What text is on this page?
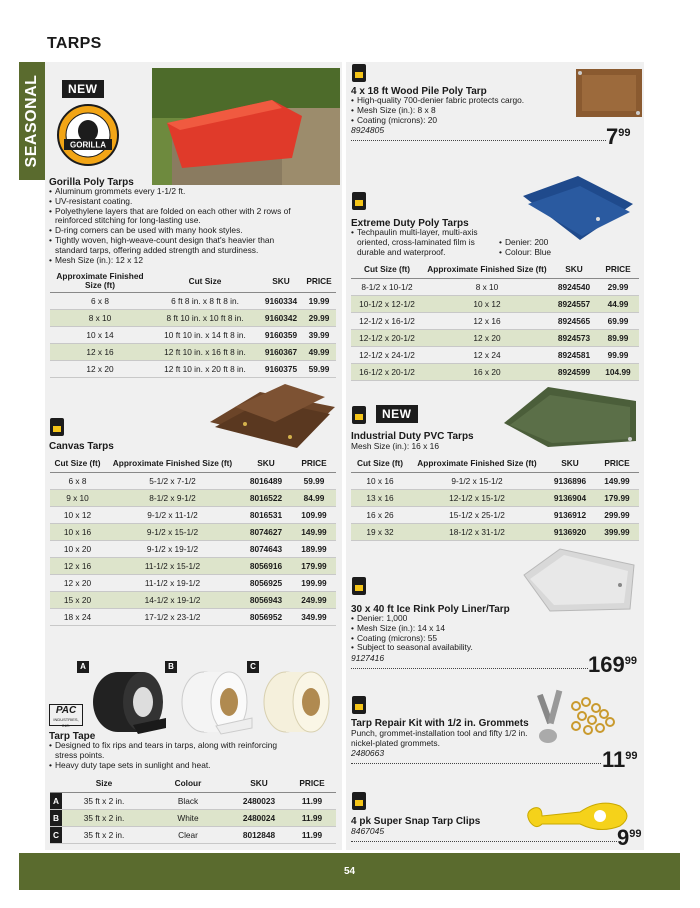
TARPS
SEASONAL	NEW
GORILLA
Gorilla Poly Tarps
• Aluminum grommets every 1-1/2 ft.
• UV-resistant coating.
• Polyethylene layers that are folded on each other with 2 rows of reinforced stitching for long-lasting use.
• D-ring corners can be used with many hook styles.
• Tightly woven, high-weave-count design that's heavier than standard tarps, offering added strength and sturdiness.
• Mesh Size (in.): 12 x 12
Approximate Finished Size (ft)	Cut Size	SKU	PRICE
6 x 8	6 ft 8 in. x 8 ft 8 in.	9160334	19.99
8 x 10	8 ft 10 in. x 10 ft 8 in.	9160342	29.99
10 x 14	10 ft 10 in. x 14 ft 8 in.	9160359	39.99
12 x 16	12 ft 10 in. x 16 ft 8 in.	9160367	49.99
12 x 20	12 ft 10 in. x 20 ft 8 in.	9160375	59.99
Canvas Tarps
Cut Size (ft)	Approximate Finished Size (ft)	SKU	PRICE
6 x 8	5-1/2 x 7-1/2	8016489	59.99
9 x 10	8-1/2 x 9-1/2	8016522	84.99
10 x 12	9-1/2 x 11-1/2	8016531	109.99
10 x 16	9-1/2 x 15-1/2	8074627	149.99
10 x 20	9-1/2 x 19-1/2	8074643	189.99
12 x 16	11-1/2 x 15-1/2	8056916	179.99
12 x 20	11-1/2 x 19-1/2	8056925	199.99
15 x 20	14-1/2 x 19-1/2	8056943	249.99
18 x 24	17-1/2 x 23-1/2	8056952	349.99
A	B	C
PAC
INDUSTRIES, INC.
Tarp Tape
• Designed to fix rips and tears in tarps, along with reinforcing stress points.
• Heavy duty tape sets in sunlight and heat.
	Size	Colour	SKU	PRICE
A	35 ft x 2 in.	Black	2480023	11.99
B	35 ft x 2 in.	White	2480024	11.99
C	35 ft x 2 in.	Clear	8012848	11.99
4 x 18 ft Wood Pile Poly Tarp
• High-quality 700-denier fabric protects cargo.
• Mesh Size (in.): 8 x 8
• Coating (microns): 20
8924805	$7^{99}$
Extreme Duty Poly Tarps
• Techpaulin multi-layer, multi-axis oriented, cross-laminated film is durable and waterproof.
• Denier: 200
• Colour: Blue
Cut Size (ft)	Approximate Finished Size (ft)	SKU	PRICE
8-1/2 x 10-1/2	8 x 10	8924540	29.99
10-1/2 x 12-1/2	10 x 12	8924557	44.99
12-1/2 x 16-1/2	12 x 16	8924565	69.99
12-1/2 x 20-1/2	12 x 20	8924573	89.99
12-1/2 x 24-1/2	12 x 24	8924581	99.99
16-1/2 x 20-1/2	16 x 20	8924599	104.99
NEW
Industrial Duty PVC Tarps
Mesh Size (in.): 16 x 16
Cut Size (ft)	Approximate Finished Size (ft)	SKU	PRICE
10 x 16	9-1/2 x 15-1/2	9136896	149.99
13 x 16	12-1/2 x 15-1/2	9136904	179.99
16 x 26	15-1/2 x 25-1/2	9136912	299.99
19 x 32	18-1/2 x 31-1/2	9136920	399.99
30 x 40 ft Ice Rink Poly Liner/Tarp
• Denier: 1,000
• Mesh Size (in.): 14 x 14
• Coating (microns): 55
• Subject to seasonal availability.
9127416	$169^{99}$
Tarp Repair Kit with 1/2 in. Grommets
Punch, grommet-installation tool and fifty 1/2 in. nickel-plated grommets.
2480663	$11^{99}$
4 pk Super Snap Tarp Clips
8467045	$9^{99}$
54
